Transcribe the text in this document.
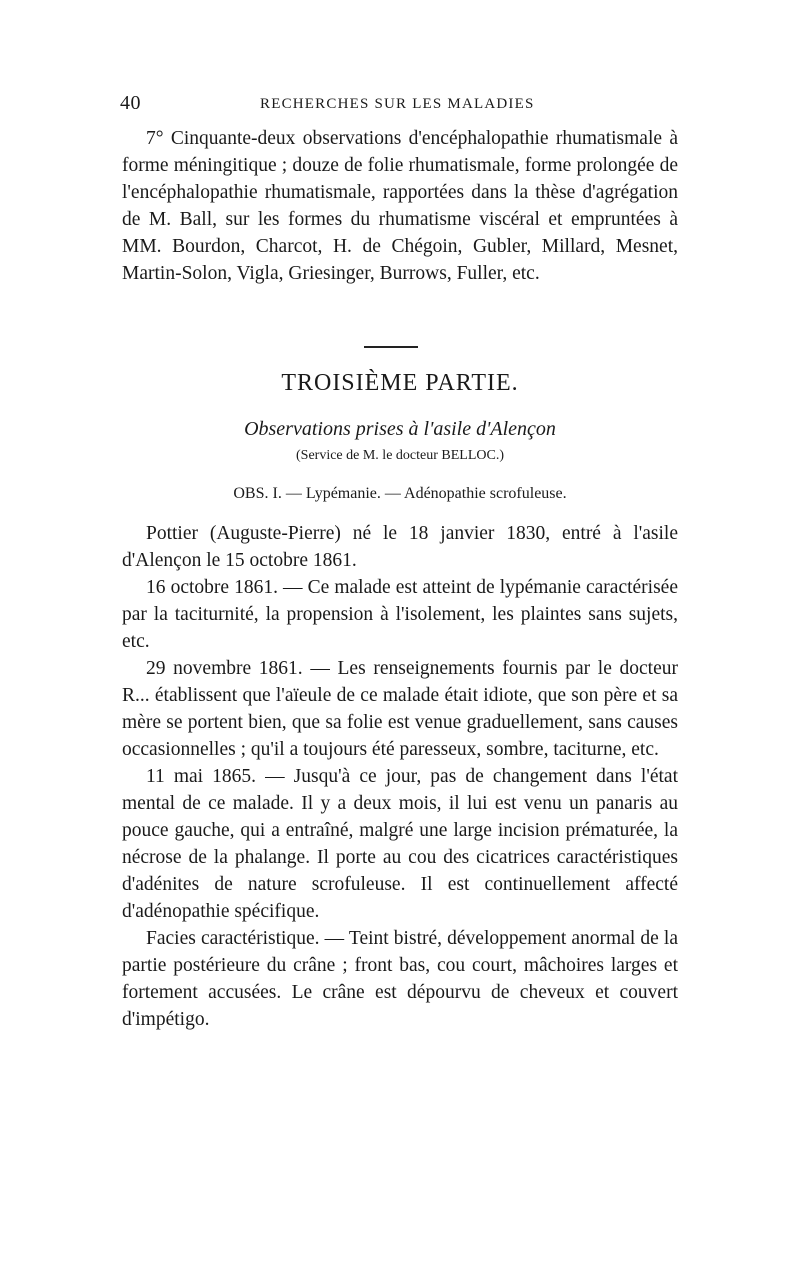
40	RECHERCHES SUR LES MALADIES

7° Cinquante-deux observations d'encéphalopathie rhumatismale à forme méningitique ; douze de folie rhumatismale, forme prolongée de l'encéphalopathie rhumatismale, rapportées dans la thèse d'agrégation de M. Ball, sur les formes du rhumatisme viscéral et empruntées à MM. Bourdon, Charcot, H. de Chégoin, Gubler, Millard, Mesnet, Martin-Solon, Vigla, Griesinger, Burrows, Fuller, etc.

TROISIÈME PARTIE.
Observations prises à l'asile d'Alençon
(Service de M. le docteur BELLOC.)
OBS. I. — Lypémanie. — Adénopathie scrofuleuse.

Pottier (Auguste-Pierre) né le 18 janvier 1830, entré à l'asile d'Alençon le 15 octobre 1861.

16 octobre 1861. — Ce malade est atteint de lypémanie caractérisée par la taciturnité, la propension à l'isolement, les plaintes sans sujets, etc.

29 novembre 1861. — Les renseignements fournis par le docteur R... établissent que l'aïeule de ce malade était idiote, que son père et sa mère se portent bien, que sa folie est venue graduellement, sans causes occasionnelles ; qu'il a toujours été paresseux, sombre, taciturne, etc.

11 mai 1865. — Jusqu'à ce jour, pas de changement dans l'état mental de ce malade. Il y a deux mois, il lui est venu un panaris au pouce gauche, qui a entraîné, malgré une large incision prématurée, la nécrose de la phalange. Il porte au cou des cicatrices caractéristiques d'adénites de nature scrofuleuse. Il est continuellement affecté d'adénopathie spécifique.

Facies caractéristique. — Teint bistré, développement anormal de la partie postérieure du crâne ; front bas, cou court, mâchoires larges et fortement accusées. Le crâne est dépourvu de cheveux et couvert d'impétigo.
